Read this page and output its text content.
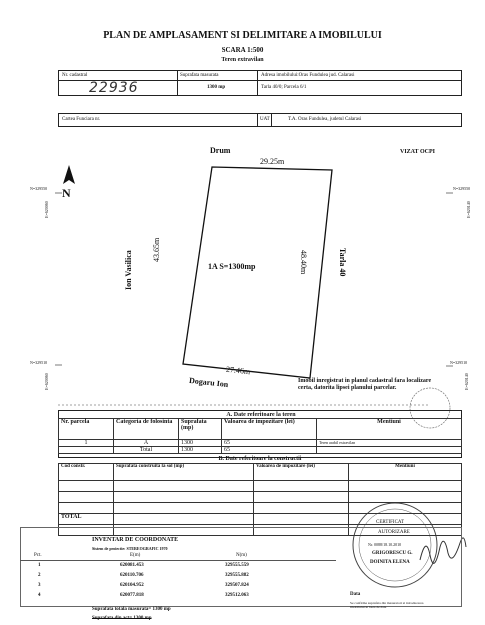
PLAN DE AMPLASAMENT SI DELIMITARE A IMOBILULUI
SCARA 1:500
Teren extravilan
Nr. cadastral
22936
Suprafata masurata
1300 mp
Adresa imobilului:Oras Fundulea jud. Calarasi
Tarla 40/0; Parcela 6/1
Cartea Funciara nr.	UAT	T.A. Oras Fundulea, judetul Calarasi
N
Drum	VIZAT OCPI
29.25m
27.46m
Dogaru Ion
43.65m
Ion Vasilica	48.40m	Tarla 40
1A S=1300mp
N=329550
E=620060
N=329550
E=620140
N=329510
E=620060
N=329510
E=620140
Imobil inregistrat in planul cadastral fara localizare certa, datorita lipsei planului parcelar.
A. Date referitoare la teren
Nr. parcela	Categoria de folosinta	Suprafata (mp)	Valoarea de impozitare (lei)	Mentiuni
1	A	1300	65	Teren arabil extravilan
	Total	1300	65	
B. Date referitoare la constructii
Cod constr.	Suprafata construita la sol (mp)	Valoarea de impozitare (lei)	Mentiuni

TOTAL			

INVENTAR DE COORDONATE
Sistem de proiectie: STEREOGRAFIC 1970
Pct.	E(m)	N(m)
1	620081.453	329555.559
2	620110.706	329555.882
3	620104.952	329507.824
4	620077.818	329512.063	Data
Se confirma suprafata din masuratori si introducerea imobilului in baza de date
Suprafata totala masurata= 1300 mp
Suprafata din act= 1300 mp
CERTIFICAT
AUTORIZARE
Nr. 0088/18.10.2010
GRIGORESCU G.
DOINITA ELENA
